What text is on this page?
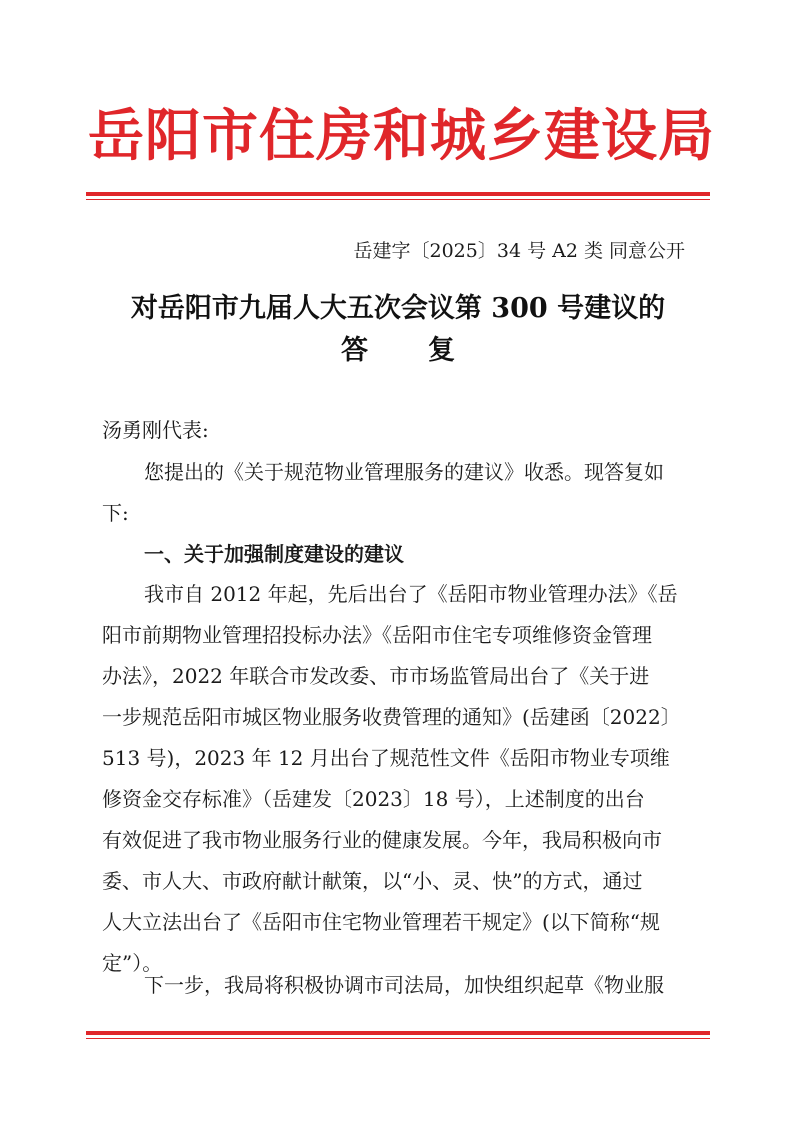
岳阳市住房和城乡建设局
岳建字〔2025〕34 号 A2 类 同意公开
对岳阳市九届人大五次会议第 300 号建议的
答复
汤勇刚代表:
您提出的《关于规范物业管理服务的建议》收悉。现答复如
下:
一、关于加强制度建设的建议
我市自 2012 年起，先后出台了《岳阳市物业管理办法》《岳
阳市前期物业管理招投标办法》《岳阳市住宅专项维修资金管理
办法》，2022 年联合市发改委、市市场监管局出台了《关于进
一步规范岳阳市城区物业服务收费管理的通知》(岳建函〔2022〕
513 号)，2023 年 12 月出台了规范性文件《岳阳市物业专项维
修资金交存标准》（岳建发〔2023〕18 号），上述制度的出台
有效促进了我市物业服务行业的健康发展。今年，我局积极向市
委、市人大、市政府献计献策，以“小、灵、快”的方式，通过
人大立法出台了《岳阳市住宅物业管理若干规定》(以下简称“规
定”）。
下一步，我局将积极协调市司法局，加快组织起草《物业服
